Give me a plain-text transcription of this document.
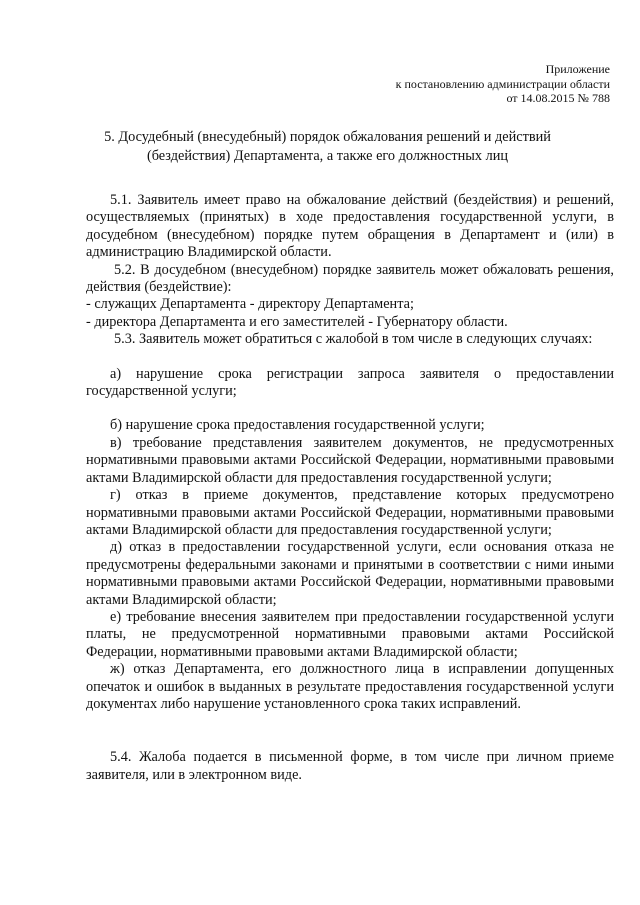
Приложение
к постановлению администрации области
от 14.08.2015 № 788
5. Досудебный (внесудебный) порядок обжалования решений и действий
(бездействия) Департамента, а также его должностных лиц

5.1. Заявитель имеет право на обжалование действий (бездействия) и решений, осуществляемых (принятых) в ходе предоставления государственной услуги, в досудебном (внесудебном) порядке путем обращения в Департамент и (или) в администрацию Владимирской области.

5.2. В досудебном (внесудебном) порядке заявитель может обжаловать решения, действия (бездействие):

- служащих Департамента - директору Департамента;

- директора Департамента и его заместителей - Губернатору области.

5.3. Заявитель может обратиться с жалобой в том числе в следующих случаях:

а) нарушение срока регистрации запроса заявителя о предоставлении государственной услуги;

б) нарушение срока предоставления государственной услуги;

в) требование представления заявителем документов, не предусмотренных нормативными правовыми актами Российской Федерации, нормативными правовыми актами Владимирской области для предоставления государственной услуги;

г) отказ в приеме документов, представление которых предусмотрено нормативными правовыми актами Российской Федерации, нормативными правовыми актами Владимирской области для предоставления государственной услуги;

д) отказ в предоставлении государственной услуги, если основания отказа не предусмотрены федеральными законами и принятыми в соответствии с ними иными нормативными правовыми актами Российской Федерации, нормативными правовыми актами Владимирской области;

е) требование внесения заявителем при предоставлении государственной услуги платы, не предусмотренной нормативными правовыми актами Российской Федерации, нормативными правовыми актами Владимирской области;

ж) отказ Департамента, его должностного лица в исправлении допущенных опечаток и ошибок в выданных в результате предоставления государственной услуги документах либо нарушение установленного срока таких исправлений.

5.4. Жалоба подается в письменной форме, в том числе при личном приеме заявителя, или в электронном виде.
